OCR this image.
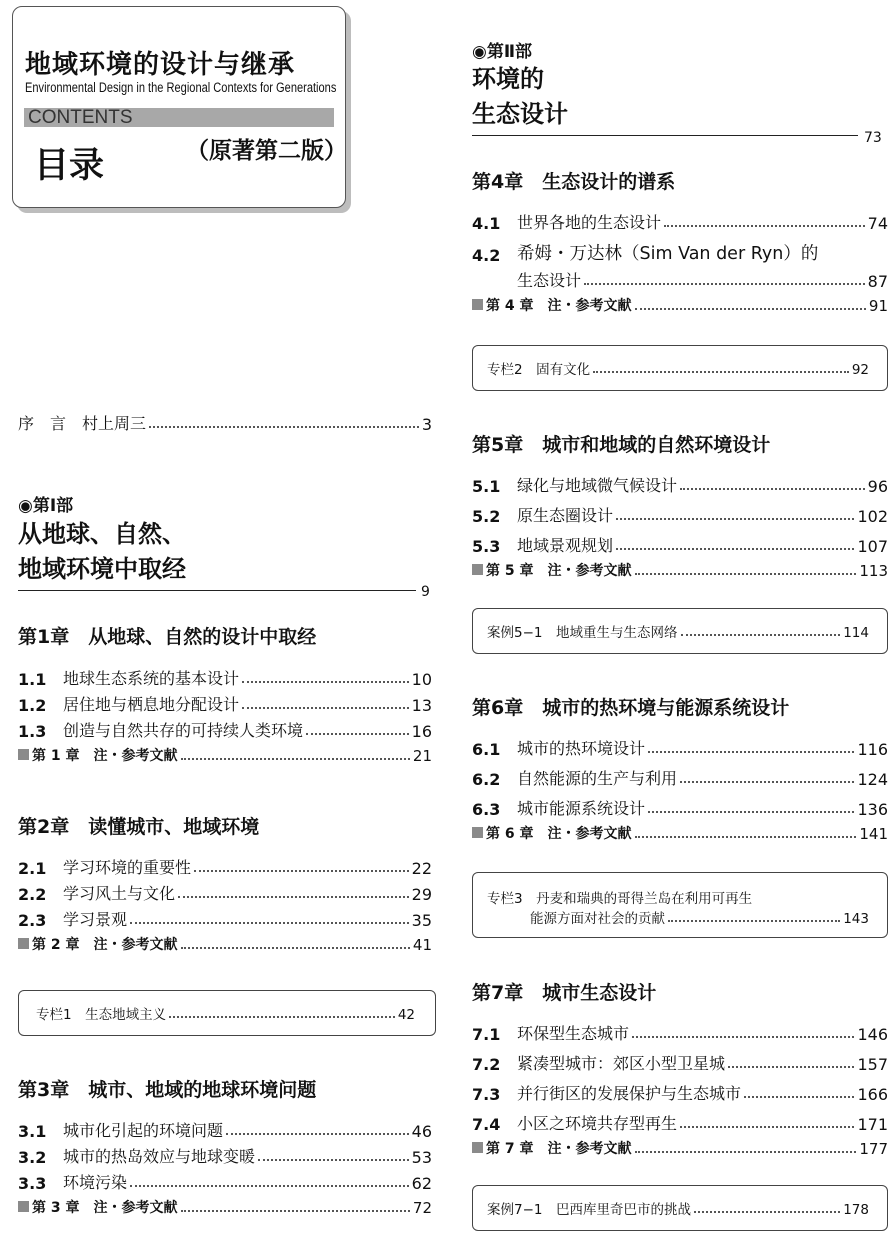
地域环境的设计与继承
Environmental Design in the Regional Contexts for Generations
CONTENTS
目录	（原著第二版）
序　言　村上周三	3
◉第Ⅰ部
从地球、自然、
地域环境中取经
9
第1章　从地球、自然的设计中取经
1.1	地球生态系统的基本设计	10
1.2	居住地与栖息地分配设计	13
1.3	创造与自然共存的可持续人类环境	16
第 1 章　注・参考文献	21
第2章　读懂城市、地域环境
2.1	学习环境的重要性	22
2.2	学习风土与文化	29
2.3	学习景观	35
第 2 章　注・参考文献	41
专栏1　生态地域主义	42
第3章　城市、地域的地球环境问题
3.1	城市化引起的环境问题	46
3.2	城市的热岛效应与地球变暖	53
3.3	环境污染	62
第 3 章　注・参考文献	72
◉第Ⅱ部
环境的
生态设计
73
第4章　生态设计的谱系
4.1	世界各地的生态设计	74
4.2 希姆・万达林（Sim Van der Ryn）的
生态设计	87
第 4 章　注・参考文献	91
专栏2　固有文化	92
第5章　城市和地域的自然环境设计
5.1	绿化与地域微气候设计	96
5.2	原生态圈设计	102
5.3	地域景观规划	107
第 5 章　注・参考文献	113
案例5−1　地域重生与生态网络	114
第6章　城市的热环境与能源系统设计
6.1	城市的热环境设计	116
6.2	自然能源的生产与利用	124
6.3	城市能源系统设计	136
第 6 章　注・参考文献	141
专栏3　丹麦和瑞典的哥得兰岛在利用可再生
能源方面对社会的贡献	143
第7章　城市生态设计
7.1	环保型生态城市	146
7.2	紧凑型城市：郊区小型卫星城	157
7.3	并行街区的发展保护与生态城市	166
7.4	小区之环境共存型再生	171
第 7 章　注・参考文献	177
案例7−1　巴西库里奇巴市的挑战	178
